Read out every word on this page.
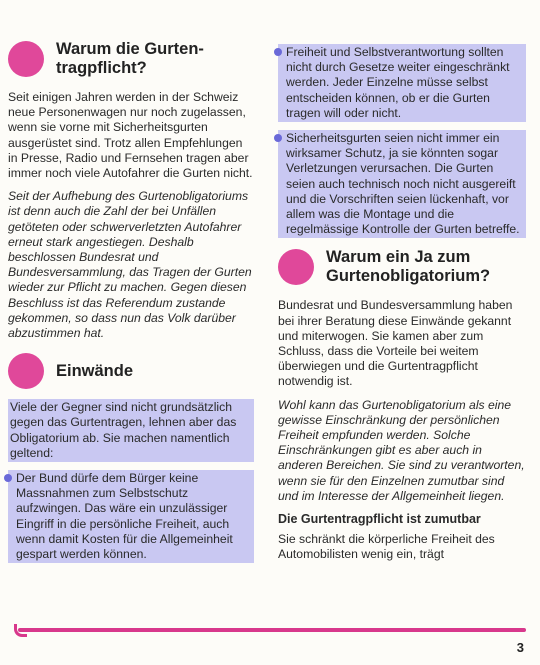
Warum die Gurten-
tragpflicht?

Seit einigen Jahren werden in der Schweiz neue Personenwagen nur noch zugelassen, wenn sie vorne mit Sicherheitsgurten ausgerüstet sind. Trotz allen Empfehlungen in Presse, Radio und Fernsehen tragen aber immer noch viele Autofahrer die Gurten nicht.

Seit der Aufhebung des Gurtenobligatoriums ist denn auch die Zahl der bei Unfällen getöteten oder schwerverletzten Autofahrer erneut stark angestiegen. Deshalb beschlossen Bundesrat und Bundesversammlung, das Tragen der Gurten wieder zur Pflicht zu machen. Gegen diesen Beschluss ist das Referendum zustande gekommen, so dass nun das Volk darüber abzustimmen hat.

Einwände

Viele der Gegner sind nicht grundsätzlich gegen das Gurtentragen, lehnen aber das Obligatorium ab. Sie machen namentlich geltend:

Der Bund dürfe dem Bürger keine Massnahmen zum Selbstschutz aufzwingen. Das wäre ein unzulässiger Eingriff in die persönliche Freiheit, auch wenn damit Kosten für die Allgemeinheit gespart werden können.

Freiheit und Selbstverantwortung sollten nicht durch Gesetze weiter eingeschränkt werden. Jeder Einzelne müsse selbst entscheiden können, ob er die Gurten tragen will oder nicht.

Sicherheitsgurten seien nicht immer ein wirksamer Schutz, ja sie könnten sogar Verletzungen verursachen. Die Gurten seien auch technisch noch nicht ausgereift und die Vorschriften seien lückenhaft, vor allem was die Montage und die regelmässige Kontrolle der Gurten betreffe.

Warum ein Ja zum
Gurtenobligatorium?

Bundesrat und Bundesversammlung haben bei ihrer Beratung diese Einwände gekannt und miterwogen. Sie kamen aber zum Schluss, dass die Vorteile bei weitem überwiegen und die Gurtentragpflicht notwendig ist.

Wohl kann das Gurtenobligatorium als eine gewisse Einschränkung der persönlichen Freiheit empfunden werden. Solche Einschränkungen gibt es aber auch in anderen Bereichen. Sie sind zu verantworten, wenn sie für den Einzelnen zumutbar sind und im Interesse der Allgemeinheit liegen.

Die Gurtentragpflicht ist zumutbar

Sie schränkt die körperliche Freiheit des Automobilisten wenig ein, trägt

3
